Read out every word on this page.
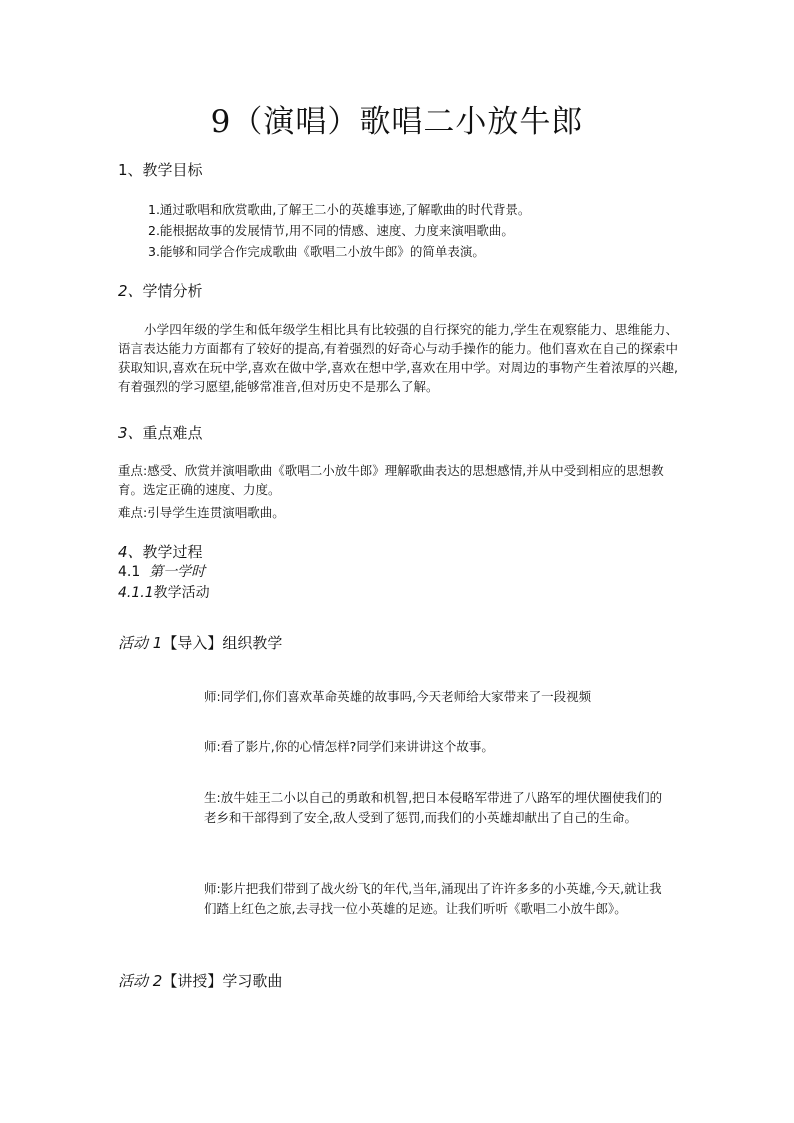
9（演唱）歌唱二小放牛郎

1、教学目标

1.通过歌唱和欣赏歌曲,了解王二小的英雄事迹,了解歌曲的时代背景。
2.能根据故事的发展情节,用不同的情感、速度、力度来演唱歌曲。
3.能够和同学合作完成歌曲《歌唱二小放牛郎》的简单表演。

2、学情分析

小学四年级的学生和低年级学生相比具有比较强的自行探究的能力,学生在观察能力、思维能力、语言表达能力方面都有了较好的提高,有着强烈的好奇心与动手操作的能力。他们喜欢在自己的探索中获取知识,喜欢在玩中学,喜欢在做中学,喜欢在想中学,喜欢在用中学。对周边的事物产生着浓厚的兴趣,有着强烈的学习愿望,能够常准音,但对历史不是那么了解。

3、重点难点

重点:感受、欣赏并演唱歌曲《歌唱二小放牛郎》理解歌曲表达的思想感情,并从中受到相应的思想教育。选定正确的速度、力度。

难点:引导学生连贯演唱歌曲。

4、教学过程

4.1 第一学时

4.1.1教学活动

活动 1【导入】组织教学

师:同学们,你们喜欢革命英雄的故事吗,今天老师给大家带来了一段视频

师:看了影片,你的心情怎样?同学们来讲讲这个故事。

生:放牛娃王二小以自己的勇敢和机智,把日本侵略军带进了八路军的埋伏圈使我们的老乡和干部得到了安全,敌人受到了惩罚,而我们的小英雄却献出了自己的生命。

师:影片把我们带到了战火纷飞的年代,当年,涌现出了许许多多的小英雄,今天,就让我们踏上红色之旅,去寻找一位小英雄的足迹。让我们听听《歌唱二小放牛郎》。

活动 2【讲授】学习歌曲
